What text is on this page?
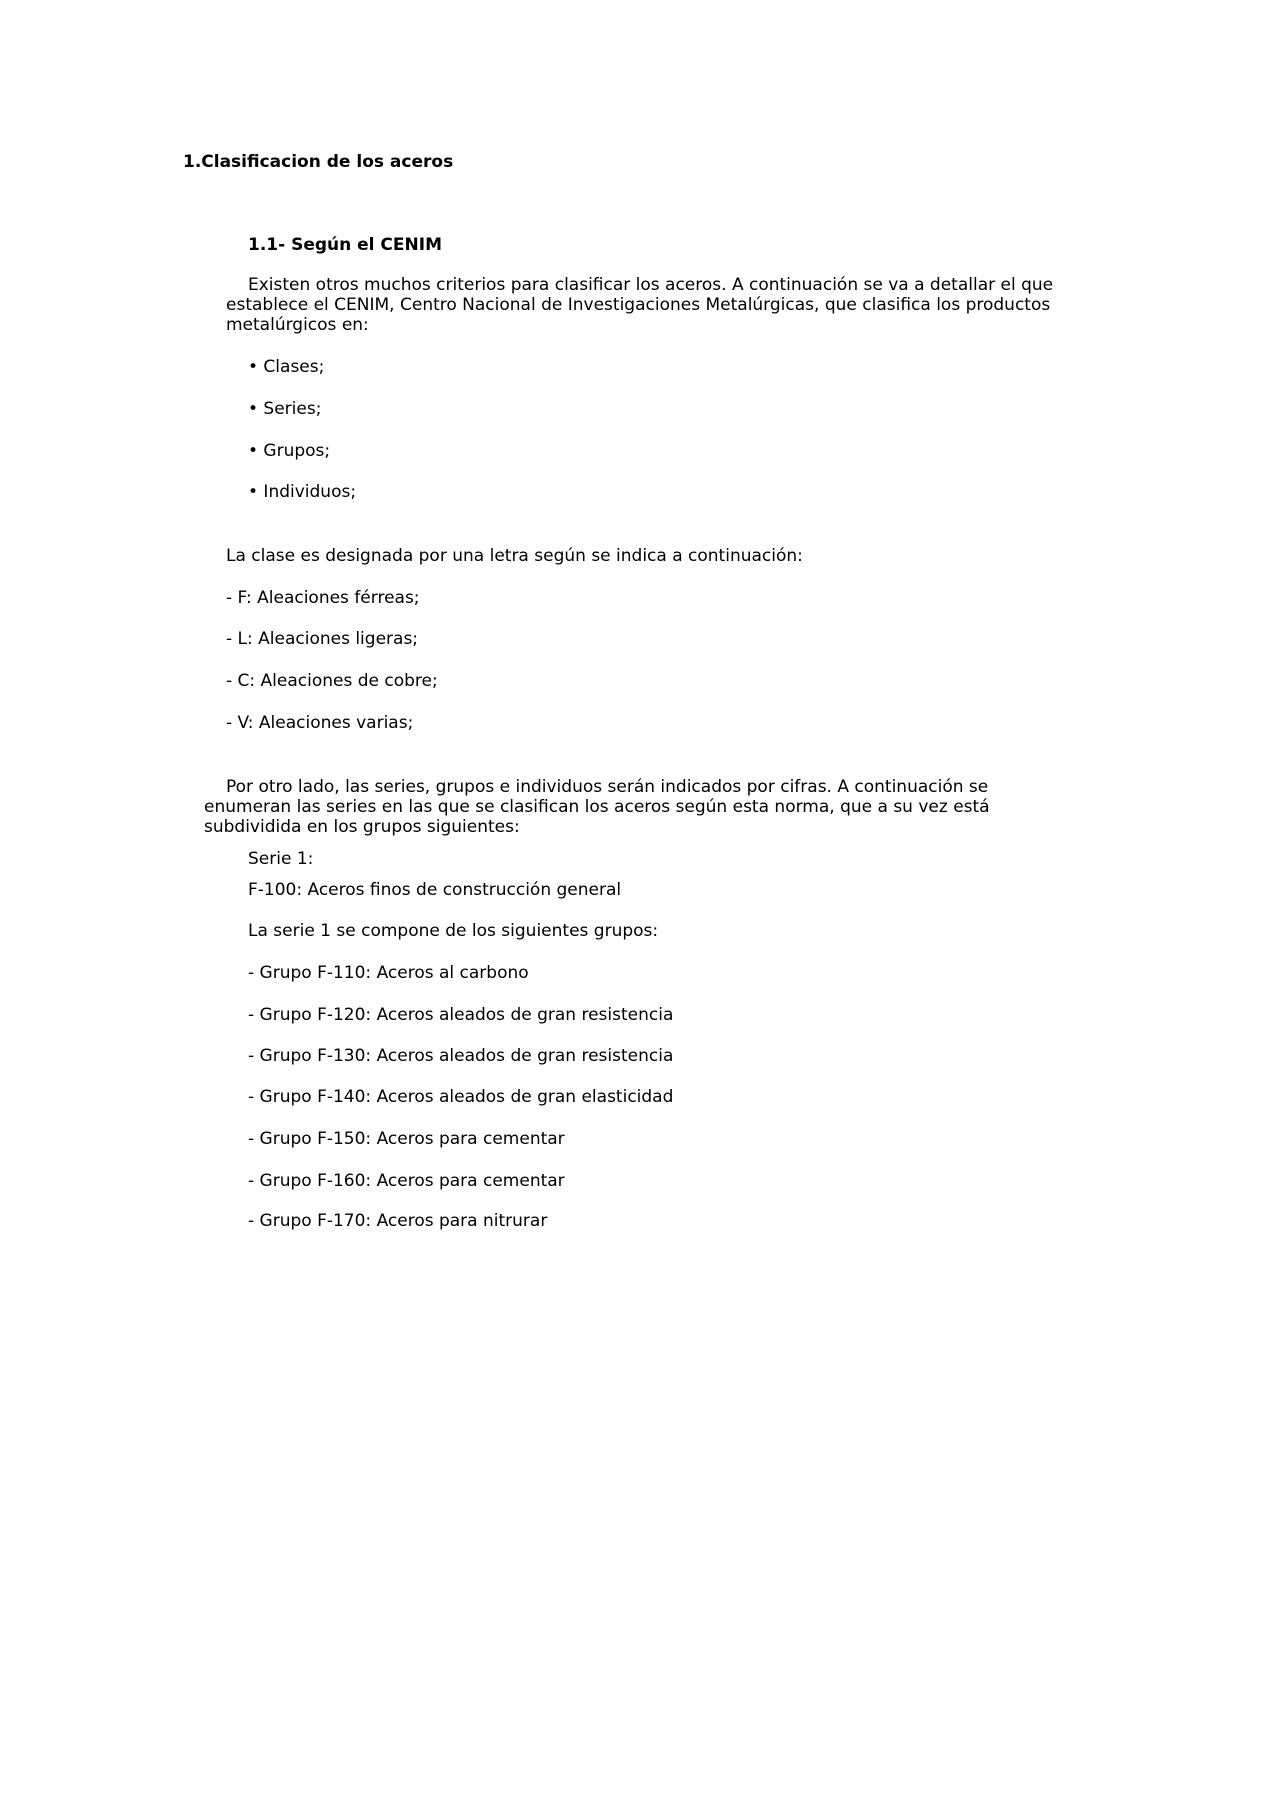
1.Clasificacion de los aceros

1.1- Según el CENIM

Existen otros muchos criterios para clasificar los aceros. A continuación se va a detallar el que
establece el CENIM, Centro Nacional de Investigaciones Metalúrgicas, que clasifica los productos
metalúrgicos en:

• Clases;

• Series;

• Grupos;

• Individuos;

La clase es designada por una letra según se indica a continuación:

- F: Aleaciones férreas;

- L: Aleaciones ligeras;

- C: Aleaciones de cobre;

- V: Aleaciones varias;

Por otro lado, las series, grupos e individuos serán indicados por cifras. A continuación se
enumeran las series en las que se clasifican los aceros según esta norma, que a su vez está
subdividida en los grupos siguientes:

Serie 1:

F-100: Aceros finos de construcción general

La serie 1 se compone de los siguientes grupos:

- Grupo F-110: Aceros al carbono

- Grupo F-120: Aceros aleados de gran resistencia

- Grupo F-130: Aceros aleados de gran resistencia

- Grupo F-140: Aceros aleados de gran elasticidad

- Grupo F-150: Aceros para cementar

- Grupo F-160: Aceros para cementar

- Grupo F-170: Aceros para nitrurar
